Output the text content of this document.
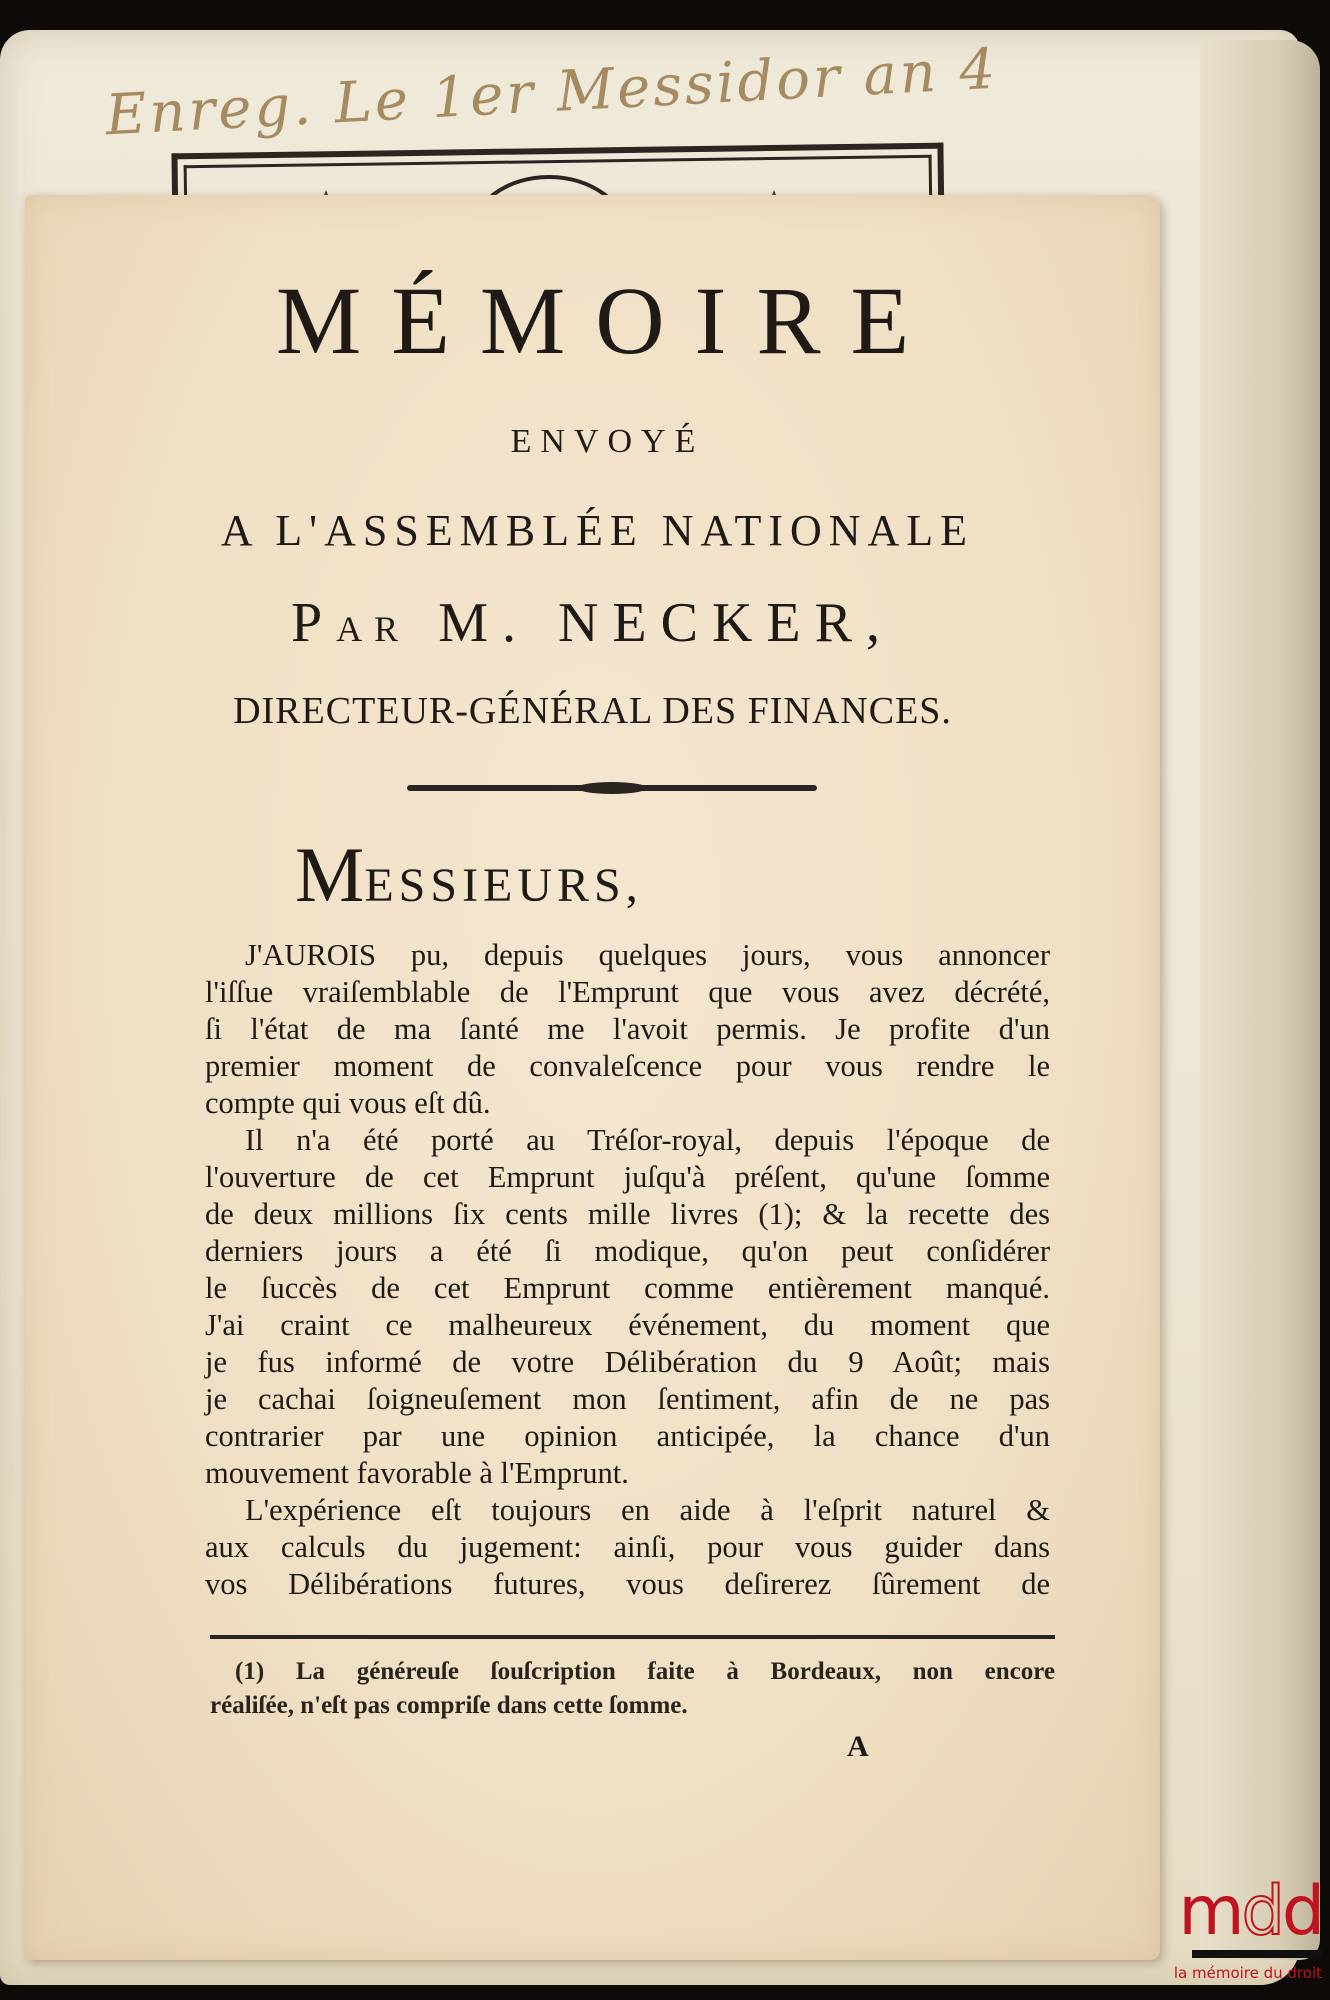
Enreg. Le 1er Messidor an 4
MÉMOIRE
ENVOYÉ
A L'ASSEMBLÉE NATIONALE
PAR M. NECKER,
DIRECTEUR-GÉNÉRAL DES FINANCES.
MESSIEURS,
J'AUROIS pu, depuis quelques jours, vous annoncer
l'iſſue vraiſemblable de l'Emprunt que vous avez décrété,
ſi l'état de ma ſanté me l'avoit permis. Je profite d'un
premier moment de convaleſcence pour vous rendre le
compte qui vous eſt dû.
Il n'a été porté au Tréſor-royal, depuis l'époque de
l'ouverture de cet Emprunt juſqu'à préſent, qu'une ſomme
de deux millions ſix cents mille livres (1); & la recette des
derniers jours a été ſi modique, qu'on peut conſidérer
le ſuccès de cet Emprunt comme entièrement manqué.
J'ai craint ce malheureux événement, du moment que
je fus informé de votre Délibération du 9 Août; mais
je cachai ſoigneuſement mon ſentiment, afin de ne pas
contrarier par une opinion anticipée, la chance d'un
mouvement favorable à l'Emprunt.
L'expérience eſt toujours en aide à l'eſprit naturel &
aux calculs du jugement: ainſi, pour vous guider dans
vos Délibérations futures, vous deſirerez ſûrement de
(1) La généreuſe ſouſcription faite à Bordeaux, non encore
réaliſée, n'eſt pas compriſe dans cette ſomme.
A
mdd
la mémoire du droit
